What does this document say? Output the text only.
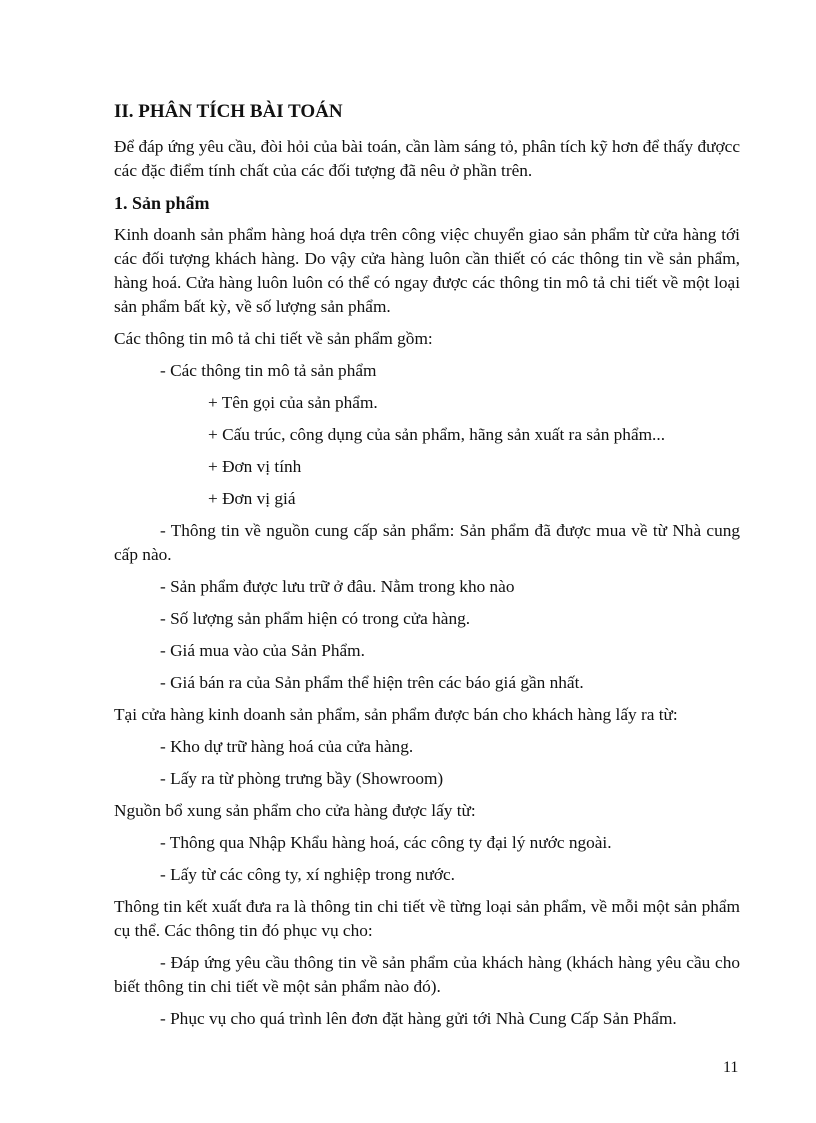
II. PHÂN TÍCH BÀI TOÁN

Để đáp ứng yêu cầu, đòi hỏi của bài toán, cần làm sáng tỏ, phân tích kỹ hơn để thấy đượcc các đặc điểm tính chất của các đối tượng đã nêu ở phần trên.

1. Sản phẩm

Kinh doanh sản phẩm hàng hoá dựa trên công việc chuyển giao sản phẩm từ cửa hàng tới các đối tượng khách hàng. Do vậy cửa hàng luôn cần thiết có các thông tin về sản phẩm, hàng hoá. Cửa hàng luôn luôn có thể có ngay được các thông tin mô tả chi tiết về một loại sản phẩm bất kỳ, về số lượng sản phẩm.

Các thông tin mô tả chi tiết về sản phẩm gồm:

- Các thông tin mô tả sản phẩm

+ Tên gọi của sản phẩm.

+ Cấu trúc, công dụng của sản phẩm, hãng sản xuất ra sản phẩm...

+ Đơn vị tính

+ Đơn vị giá

- Thông tin về nguồn cung cấp sản phẩm: Sản phẩm đã được mua về từ Nhà cung cấp nào.

- Sản phẩm được lưu trữ ở đâu. Nằm trong kho nào

- Số lượng sản phẩm hiện có trong cửa hàng.

- Giá mua vào của Sản Phẩm.

- Giá bán ra của Sản phẩm thể hiện trên các báo giá gần nhất.

Tại cửa hàng kinh doanh sản phẩm, sản phẩm được bán cho khách hàng lấy ra từ:

- Kho dự trữ hàng hoá của cửa hàng.

- Lấy ra từ phòng trưng bầy (Showroom)

Nguồn bổ xung sản phẩm cho cửa hàng được lấy từ:

- Thông qua Nhập Khẩu hàng hoá, các công ty đại lý nước ngoài.

- Lấy từ các công ty, xí nghiệp trong nước.

Thông tin kết xuất đưa ra là thông tin chi tiết về từng loại sản phẩm, về mỗi một sản phẩm cụ thể. Các thông tin đó phục vụ cho:

- Đáp ứng yêu cầu thông tin về sản phẩm của khách hàng (khách hàng yêu cầu cho biết thông tin chi tiết về một sản phẩm nào đó).

- Phục vụ cho quá trình lên đơn đặt hàng gửi tới Nhà Cung Cấp Sản Phẩm.

11
